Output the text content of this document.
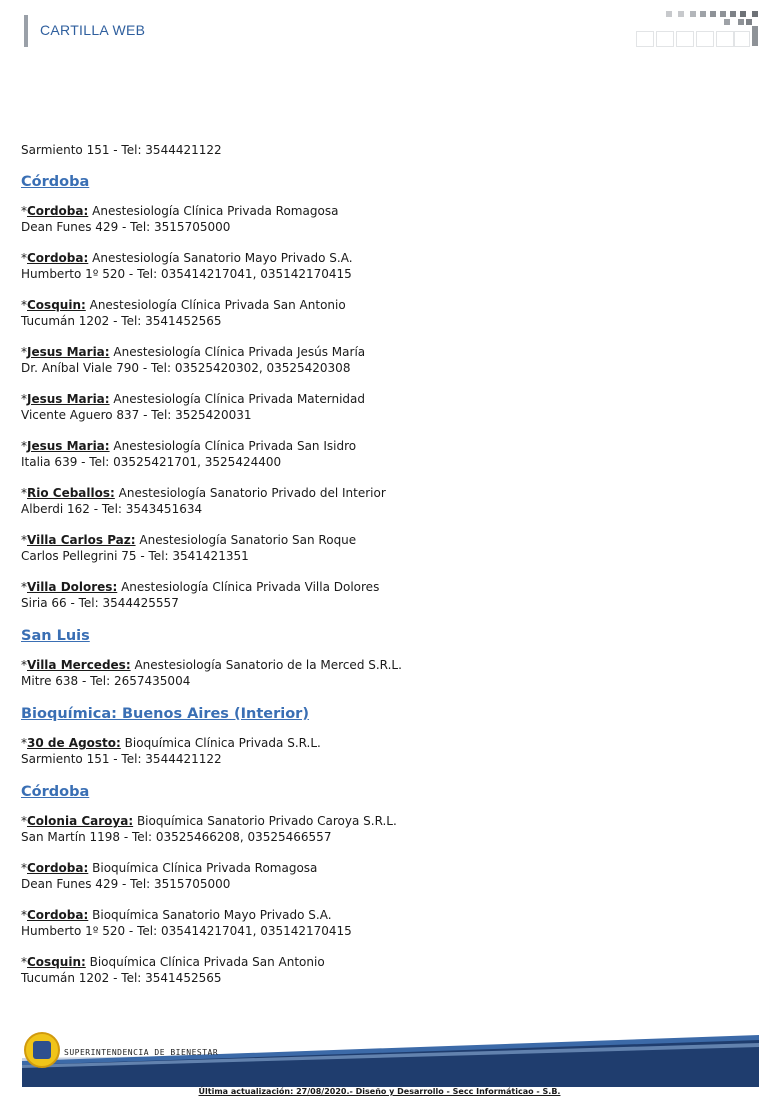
CARTILLA WEB
Sarmiento 151 - Tel: 3544421122
Córdoba
*Cordoba: Anestesiología Clínica Privada Romagosa
Dean Funes 429 - Tel: 3515705000
*Cordoba: Anestesiología Sanatorio Mayo Privado S.A.
Humberto 1º 520 - Tel: 035414217041, 035142170415
*Cosquin: Anestesiología Clínica Privada San Antonio
Tucumán 1202 - Tel: 3541452565
*Jesus Maria: Anestesiología Clínica Privada Jesús María
Dr. Aníbal Viale 790 - Tel: 03525420302, 03525420308
*Jesus Maria: Anestesiología Clínica Privada Maternidad
Vicente Aguero 837 - Tel: 3525420031
*Jesus Maria: Anestesiología Clínica Privada San Isidro
Italia 639 - Tel: 03525421701, 3525424400
*Rio Ceballos: Anestesiología Sanatorio Privado del Interior
Alberdi 162 - Tel: 3543451634
*Villa Carlos Paz: Anestesiología Sanatorio San Roque
Carlos Pellegrini 75 - Tel: 3541421351
*Villa Dolores: Anestesiología Clínica Privada Villa Dolores
Siria 66 - Tel: 3544425557
San Luis
*Villa Mercedes: Anestesiología Sanatorio de la Merced S.R.L.
Mitre 638 - Tel: 2657435004
Bioquímica: Buenos Aires (Interior)
*30 de Agosto: Bioquímica Clínica Privada S.R.L.
Sarmiento 151 - Tel: 3544421122
Córdoba
*Colonia Caroya: Bioquímica Sanatorio Privado Caroya S.R.L.
San Martín 1198 - Tel: 03525466208, 03525466557
*Cordoba: Bioquímica Clínica Privada Romagosa
Dean Funes 429 - Tel: 3515705000
*Cordoba: Bioquímica Sanatorio Mayo Privado S.A.
Humberto 1º 520 - Tel: 035414217041, 035142170415
*Cosquin: Bioquímica Clínica Privada San Antonio
Tucumán 1202 - Tel: 3541452565
SUPERINTENDENCIA DE BIENESTAR
Última actualización: 27/08/2020.- Diseño y Desarrollo - Secc Informáticao - S.B.
